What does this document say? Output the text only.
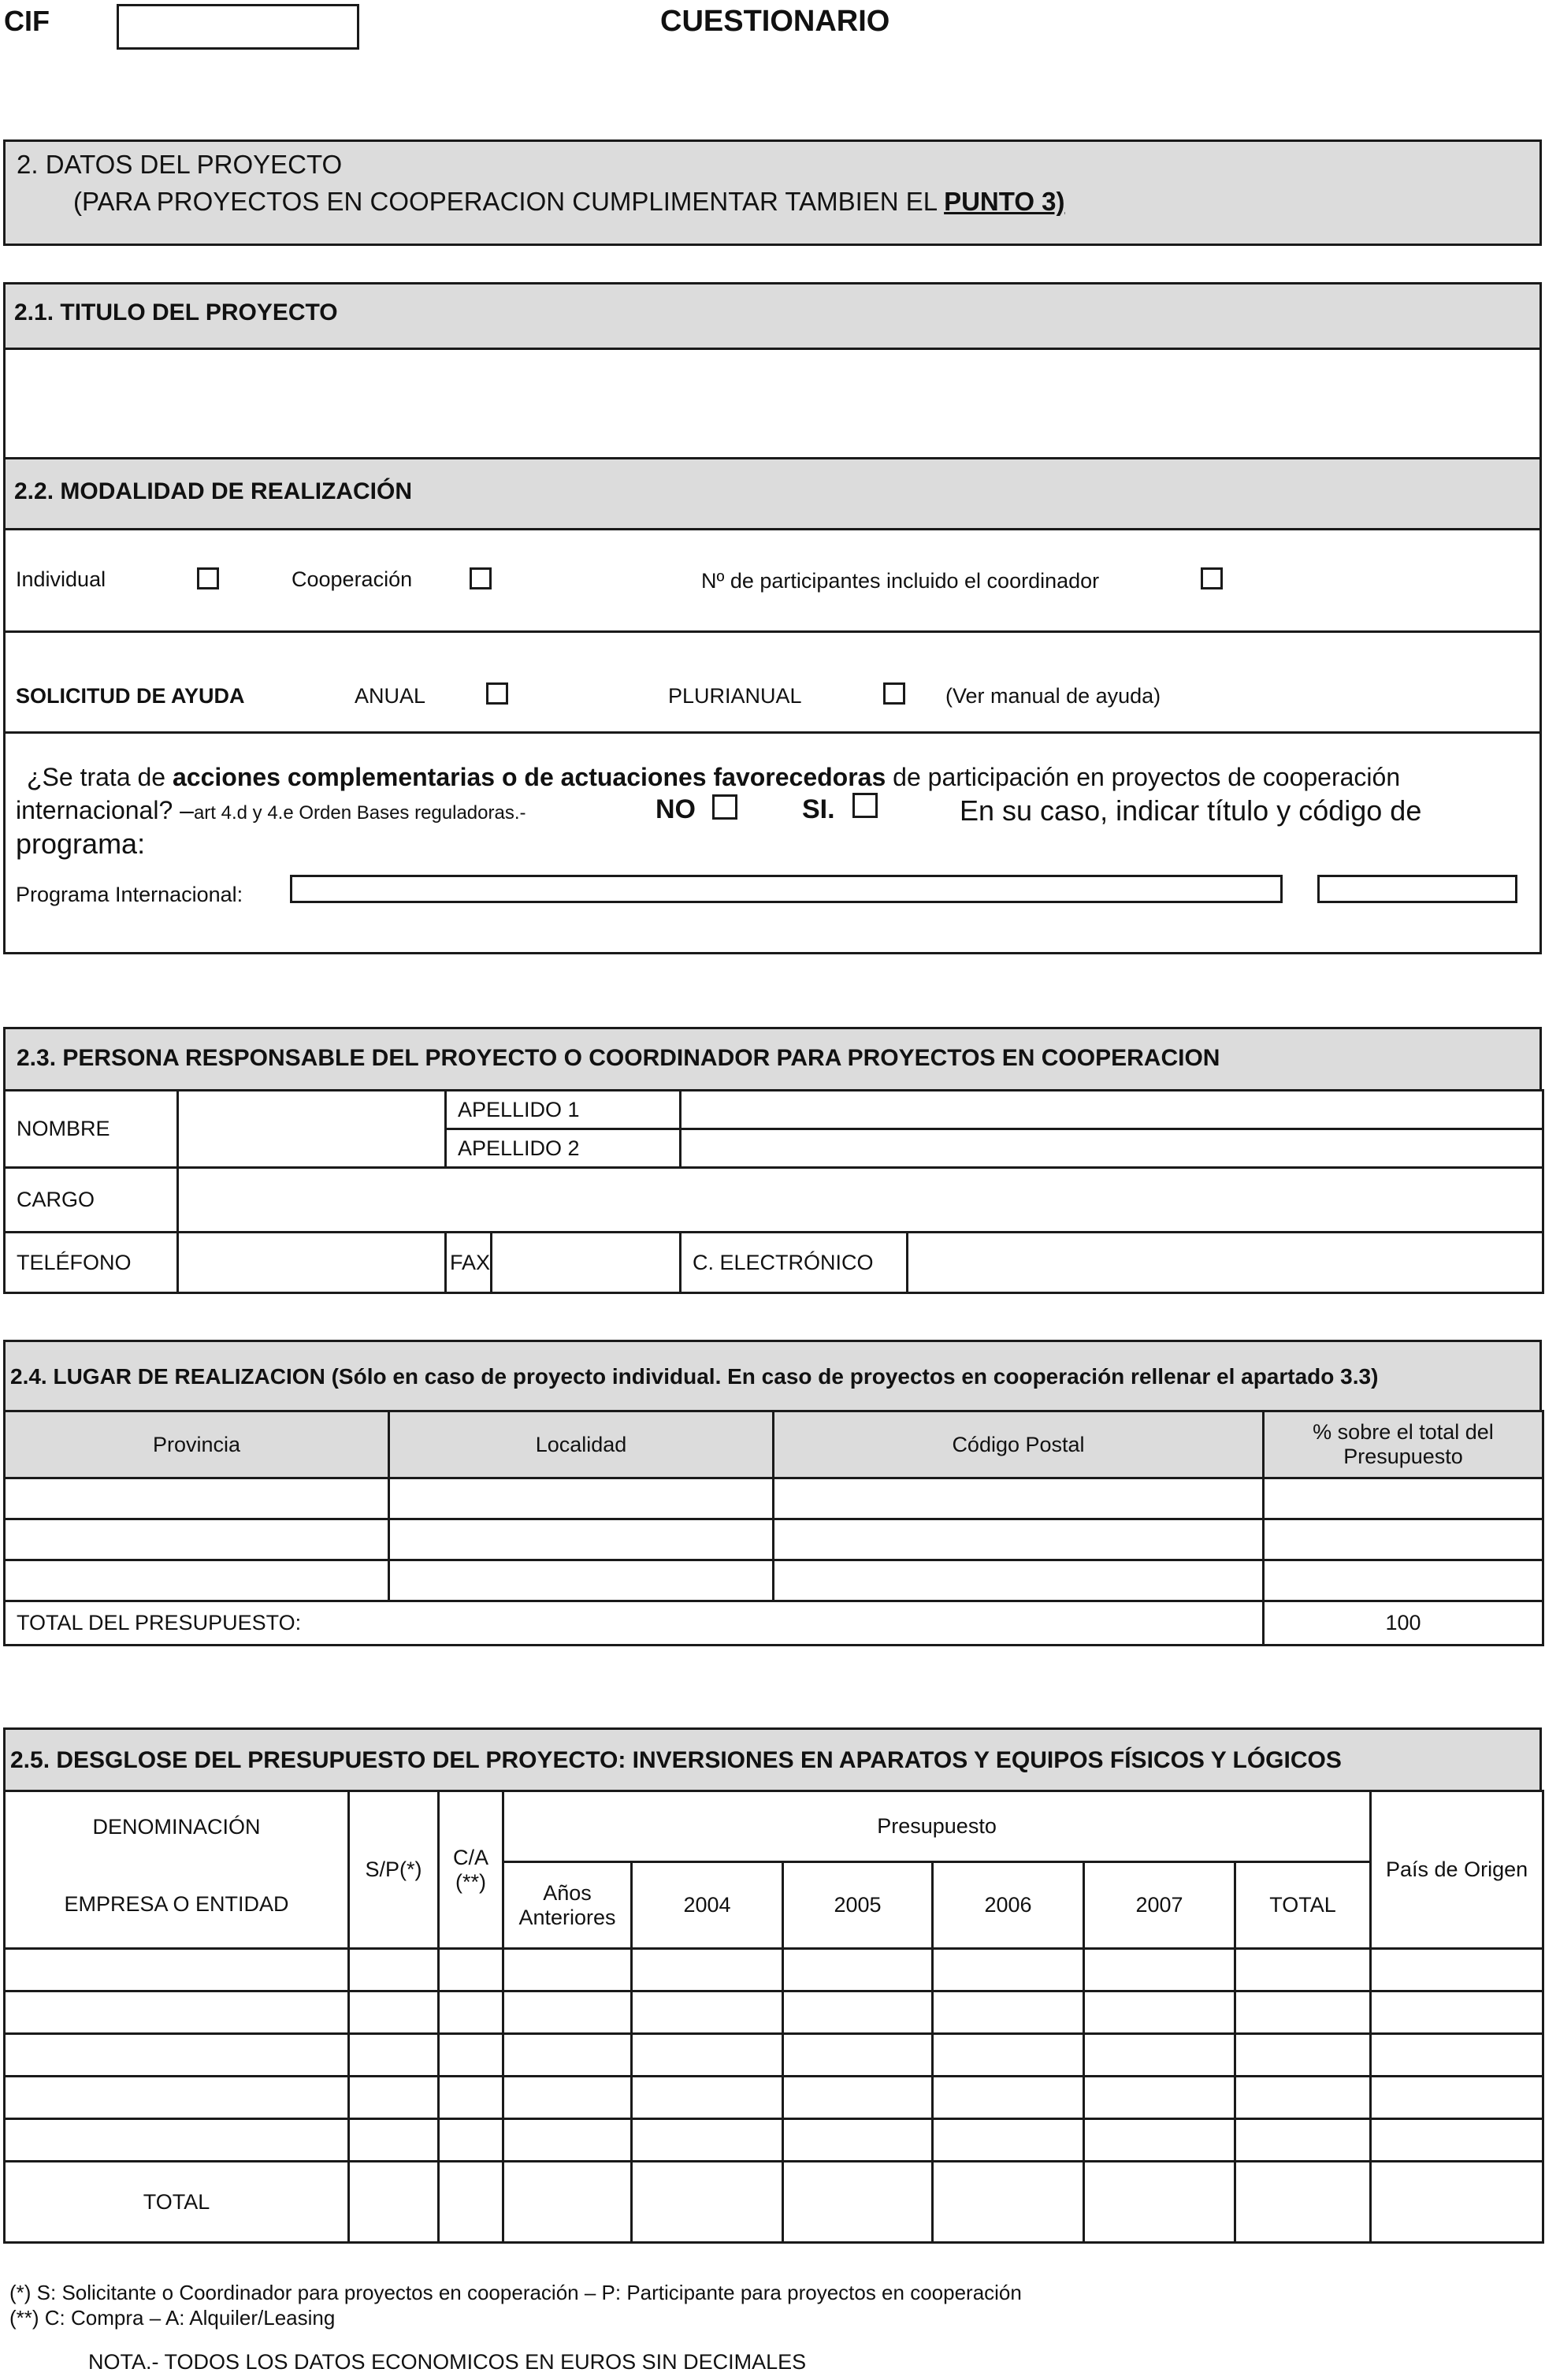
CIF	CUESTIONARIO
2. DATOS DEL PROYECTO
(PARA PROYECTOS EN COOPERACION CUMPLIMENTAR TAMBIEN EL PUNTO 3)
2.1. TITULO DEL PROYECTO
2.2. MODALIDAD DE REALIZACIÓN
Individual	Cooperación	Nº de participantes incluido el coordinador
SOLICITUD DE AYUDA	ANUAL	PLURIANUAL	(Ver manual de ayuda)
¿Se trata de acciones complementarias o de actuaciones favorecedoras de participación en proyectos de cooperación
internacional? –art 4.d y 4.e Orden Bases reguladoras.-	NO	SI.	En su caso, indicar título y código de
programa:
Programa Internacional:
2.3. PERSONA RESPONSABLE DEL PROYECTO O COORDINADOR PARA PROYECTOS EN COOPERACION
NOMBRE		APELLIDO 1			
		APELLIDO 2			
CARGO					
TELÉFONO		FAX		C. ELECTRÓNICO	
2.4. LUGAR DE REALIZACION (Sólo en caso de proyecto individual. En caso de proyectos en cooperación rellenar el apartado 3.3)
Provincia	Localidad	Código Postal	% sobre el total del Presupuesto

TOTAL DEL PRESUPUESTO:			100
2.5. DESGLOSE DEL PRESUPUESTO DEL PROYECTO: INVERSIONES EN APARATOS Y EQUIPOS FÍSICOS Y LÓGICOS
DENOMINACIÓN	S/P(*)	C/A (**)	Presupuesto						País de Origen
EMPRESA O ENTIDAD			Años Anteriores	2004	2005	2006	2007	TOTAL	

TOTAL									
(*) S: Solicitante o Coordinador para proyectos en cooperación – P: Participante para proyectos en cooperación
(**) C: Compra – A: Alquiler/Leasing
NOTA.- TODOS LOS DATOS ECONOMICOS EN EUROS SIN DECIMALES
